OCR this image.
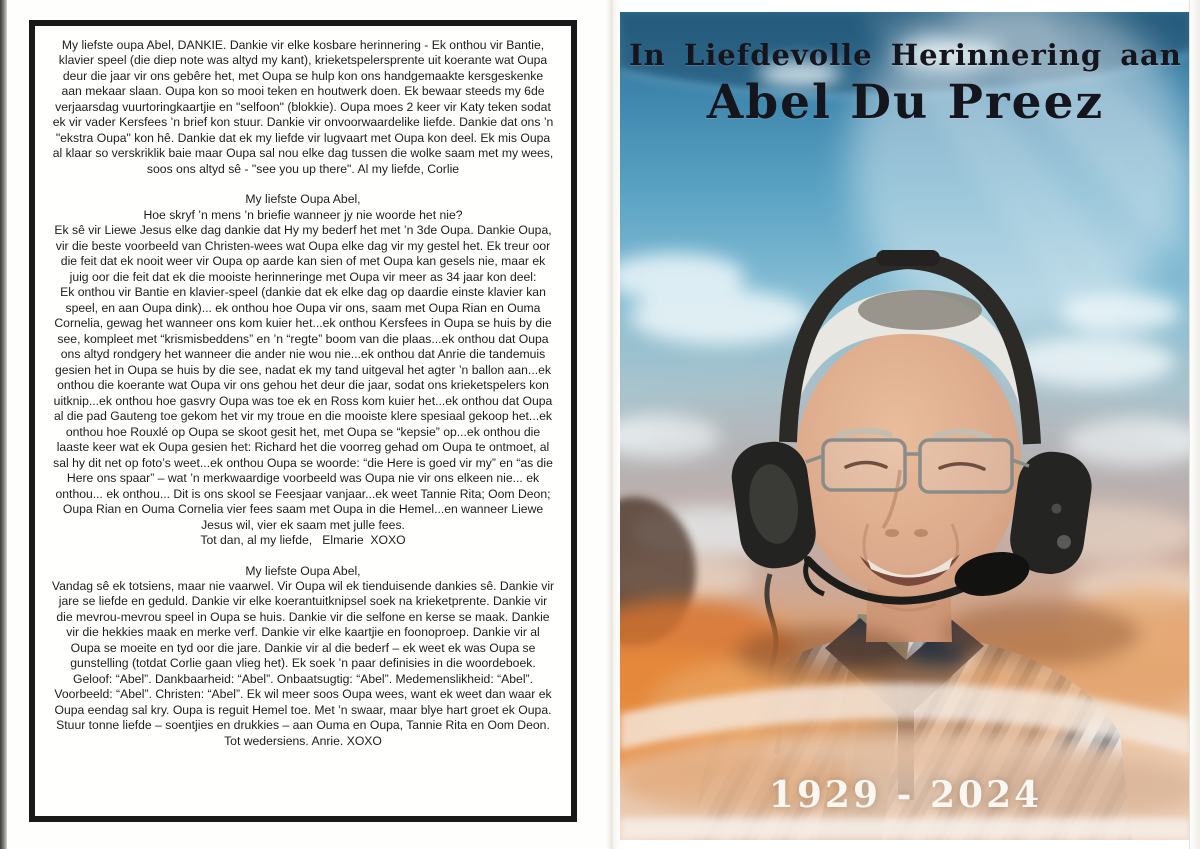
My liefste oupa Abel, DANKIE. Dankie vir elke kosbare herinnering - Ek onthou vir Bantie, klavier speel (die diep note was altyd my kant), krieketspelersprente uit koerante wat Oupa deur die jaar vir ons gebêre het, met Oupa se hulp kon ons handgemaakte kersgeskenke aan mekaar slaan. Oupa kon so mooi teken en houtwerk doen. Ek bewaar steeds my 6de verjaarsdag vuurtoringkaartjie en "selfoon" (blokkie). Oupa moes 2 keer vir Katy teken sodat ek vir vader Kersfees ’n brief kon stuur. Dankie vir onvoorwaardelike liefde. Dankie dat ons ’n "ekstra Oupa" kon hê. Dankie dat ek my liefde vir lugvaart met Oupa kon deel. Ek mis Oupa al klaar so verskriklik baie maar Oupa sal nou elke dag tussen die wolke saam met my wees, soos ons altyd sê - "see you up there". Al my liefde, Corlie
My liefste Oupa Abel,
Hoe skryf ’n mens ’n briefie wanneer jy nie woorde het nie?
Ek sê vir Liewe Jesus elke dag dankie dat Hy my bederf het met ’n 3de Oupa. Dankie Oupa, vir die beste voorbeeld van Christen-wees wat Oupa elke dag vir my gestel het. Ek treur oor die feit dat ek nooit weer vir Oupa op aarde kan sien of met Oupa kan gesels nie, maar ek juig oor die feit dat ek die mooiste herinneringe met Oupa vir meer as 34 jaar kon deel:
Ek onthou vir Bantie en klavier-speel (dankie dat ek elke dag op daardie einste klavier kan speel, en aan Oupa dink)... ek onthou hoe Oupa vir ons, saam met Oupa Rian en Ouma Cornelia, gewag het wanneer ons kom kuier het...ek onthou Kersfees in Oupa se huis by die see, kompleet met “krismisbeddens” en ’n “regte” boom van die plaas...ek onthou dat Oupa ons altyd rondgery het wanneer die ander nie wou nie...ek onthou dat Anrie die tandemuis gesien het in Oupa se huis by die see, nadat ek my tand uitgeval het agter ’n ballon aan...ek onthou die koerante wat Oupa vir ons gehou het deur die jaar, sodat ons krieketspelers kon uitknip...ek onthou hoe gasvry Oupa was toe ek en Ross kom kuier het...ek onthou dat Oupa al die pad Gauteng toe gekom het vir my troue en die mooiste klere spesiaal gekoop het...ek onthou hoe Rouxlé op Oupa se skoot gesit het, met Oupa se “kepsie” op...ek onthou die laaste keer wat ek Oupa gesien het: Richard het die voorreg gehad om Oupa te ontmoet, al sal hy dit net op foto’s weet...ek onthou Oupa se woorde: “die Here is goed vir my” en “as die Here ons spaar” – wat ’n merkwaardige voorbeeld was Oupa nie vir ons elkeen nie... ek onthou... ek onthou... Dit is ons skool se Feesjaar vanjaar...ek weet Tannie Rita; Oom Deon; Oupa Rian en Ouma Cornelia vier fees saam met Oupa in die Hemel...en wanneer Liewe Jesus wil, vier ek saam met julle fees.
Tot dan, al my liefde,   Elmarie  XOXO
My liefste Oupa Abel,
Vandag sê ek totsiens, maar nie vaarwel. Vir Oupa wil ek tienduisende dankies sê. Dankie vir jare se liefde en geduld. Dankie vir elke koerantuitknipsel soek na krieketprente. Dankie vir die mevrou-mevrou speel in Oupa se huis. Dankie vir die selfone en kerse se maak. Dankie vir die hekkies maak en merke verf. Dankie vir elke kaartjie en foonoproep. Dankie vir al Oupa se moeite en tyd oor die jare. Dankie vir al die bederf – ek weet ek was Oupa se gunstelling (totdat Corlie gaan vlieg het). Ek soek ’n paar definisies in die woordeboek. Geloof: “Abel”. Dankbaarheid: “Abel”. Onbaatsugtig: “Abel”. Medemenslikheid: “Abel”. Voorbeeld: “Abel”. Christen: “Abel”. Ek wil meer soos Oupa wees, want ek weet dan waar ek Oupa eendag sal kry. Oupa is reguit Hemel toe. Met ’n swaar, maar blye hart groet ek Oupa.
Stuur tonne liefde – soentjies en drukkies – aan Ouma en Oupa, Tannie Rita en Oom Deon.
Tot wedersiens. Anrie. XOXO
In Liefdevolle Herinnering aan
Abel Du Preez
1929 - 2024
